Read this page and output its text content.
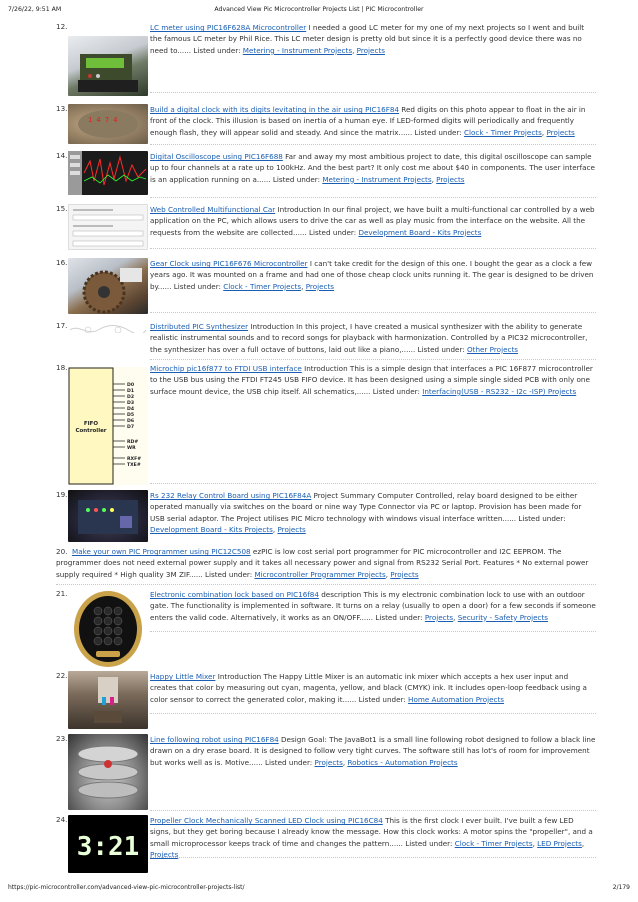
7/26/22, 9:51 AM	Advanced View Pic Microcontroller Projects List | PIC Microcontroller
12.	LC meter using PIC16F628A Microcontroller I needed a good LC meter for my one of my next projects so I went and built the famous LC meter by Phil Rice. This LC meter design is pretty old but since it is a perfectly good device there was no need to...... Listed under: Metering - Instrument Projects, Projects
13.
1 4 7 4
Build a digital clock with its digits levitating in the air using PIC16F84 Red digits on this photo appear to float in the air in front of the clock. This illusion is based on inertia of a human eye. If LED-formed digits will periodically and frequently enough flash, they will appear solid and steady. And since the matrix...... Listed under: Clock - Timer Projects, Projects
14.	Digital Oscilloscope using PIC16F688 Far and away my most ambitious project to date, this digital oscilloscope can sample up to four channels at a rate up to 100kHz. And the best part? It only cost me about $40 in components. The user interface is an application running on a...... Listed under: Metering - Instrument Projects, Projects
15.	Web Controlled Multifunctional Car Introduction In our final project, we have built a multi-functional car controlled by a web application on the PC, which allows users to drive the car as well as play music from the interface on the website. All the requests from the website are collected...... Listed under: Development Board - Kits Projects
16.	Gear Clock using PIC16F676 Microcontroller I can't take credit for the design of this one. I bought the gear as a clock a few years ago. It was mounted on a frame and had one of those cheap clock units running it. The gear is designed to be driven by...... Listed under: Clock - Timer Projects, Projects
17.	Distributed PIC Synthesizer Introduction In this project, I have created a musical synthesizer with the ability to generate realistic instrumental sounds and to record songs for playback with harmonization. Controlled by a PIC32 microcontroller, the synthesizer has over a full octave of buttons, laid out like a piano,...... Listed under: Other Projects
18.
FIFO
Controller
D0
D1
D2
D3
D4
D5
D6
D7
RD#
WR
RXF#
TXE#
Microchip pic16f877 to FTDI USB interface Introduction This is a simple design that interfaces a PIC 16F877 microcontroller to the USB bus using the FTDI FT245 USB FIFO device. It has been designed using a simple single sided PCB with only one surface mount device, the USB chip itself. All schematics,...... Listed under: Interfacing(USB - RS232 - I2c -ISP) Projects
19.	Rs 232 Relay Control Board using PIC16F84A Project Summary Computer Controlled, relay board designed to be either operated manually via switches on the board or nine way Type Connector via PC or laptop. Provision has been made for USB serial adaptor. The Project utilises PIC Micro technology with windows visual interface written...... Listed under: Development Board - Kits Projects, Projects
20. Make your own PIC Programmer using PIC12C508 ezPIC is low cost serial port programmer for PIC microcontroller and I2C EEPROM. The programmer does not need external power supply and it takes all necessary power and signal from RS232 Serial Port. Features * No external power supply required * High quality 3M ZIF...... Listed under: Microcontroller Programmer Projects, Projects
21.	Electronic combination lock based on PIC16f84 description This is my electronic combination lock to use with an outdoor gate. The functionality is implemented in software. It turns on a relay (usually to open a door) for a few seconds if someone enters the valid code. Alternatively, it works as an ON/OFF...... Listed under: Projects, Security - Safety Projects
22.	Happy Little Mixer Introduction The Happy Little Mixer is an automatic ink mixer which accepts a hex user input and creates that color by measuring out cyan, magenta, yellow, and black (CMYK) ink. It includes open-loop feedback using a color sensor to correct the generated color, making it...... Listed under: Home Automation Projects
23.	Line following robot using PIC16F84 Design Goal: The JavaBot1 is a small line following robot designed to follow a black line drawn on a dry erase board. It is designed to follow very tight curves. The software still has lot's of room for improvement but works well as is. Motive...... Listed under: Projects, Robotics - Automation Projects
24.
3:21
Propeller Clock Mechanically Scanned LED Clock using PIC16C84 This is the first clock I ever built. I've built a few LED signs, but they get boring because I already know the message. How this clock works: A motor spins the "propeller", and a small microprocessor keeps track of time and changes the pattern...... Listed under: Clock - Timer Projects, LED Projects, Projects
https://pic-microcontroller.com/advanced-view-pic-microcontroller-projects-list/	2/179
